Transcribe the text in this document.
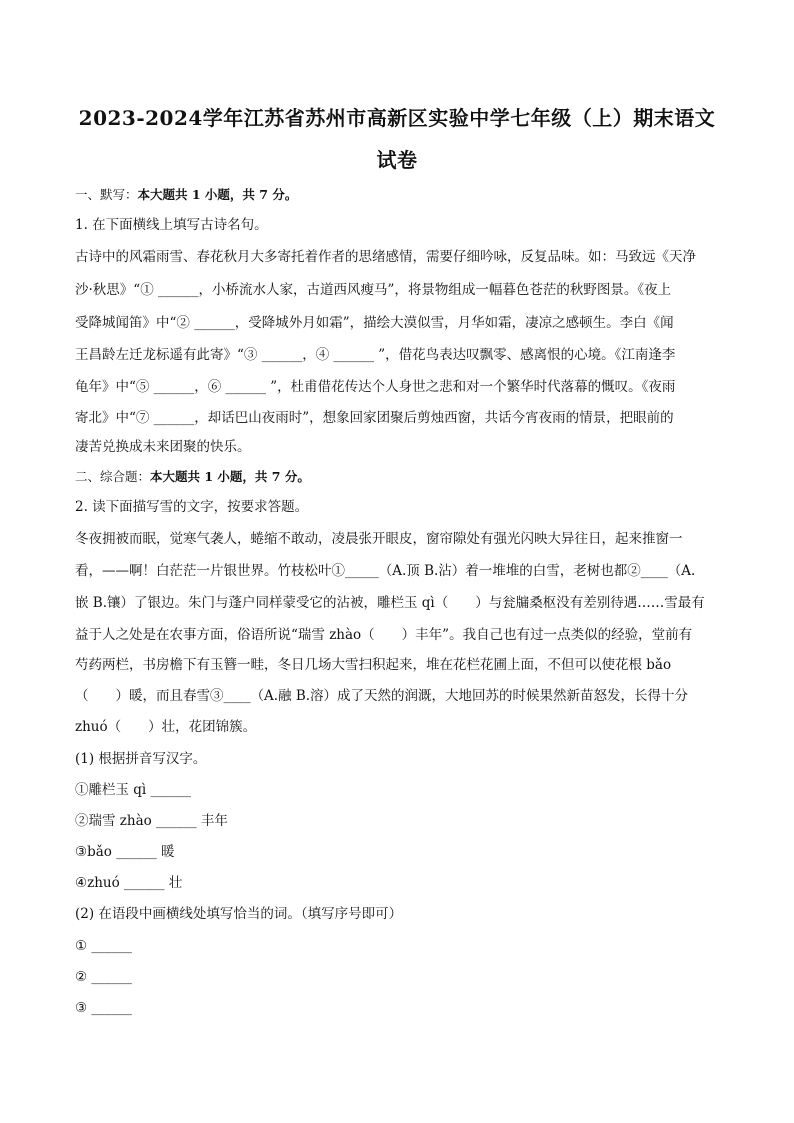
2023-2024学年江苏省苏州市高新区实验中学七年级（上）期末语文
试卷
一、默写：本大题共 1 小题，共 7 分。
1. 在下面横线上填写古诗名句。
古诗中的风霜雨雪、春花秋月大多寄托着作者的思绪感情，需要仔细吟咏，反复品味。如：马致远《天净
沙·秋思》“① ______，小桥流水人家，古道西风瘦马”，将景物组成一幅暮色苍茫的秋野图景。《夜上
受降城闻笛》中“② ______，受降城外月如霜”，描绘大漠似雪，月华如霜，凄凉之感顿生。李白《闻
王昌龄左迁龙标遥有此寄》“③ ______，④ ______ ”，借花鸟表达叹飘零、感离恨的心境。《江南逢李
龟年》中“⑤ ______，⑥ ______ ”，杜甫借花传达个人身世之悲和对一个繁华时代落幕的慨叹。《夜雨
寄北》中“⑦ ______，却话巴山夜雨时”，想象回家团聚后剪烛西窗，共话今宵夜雨的情景，把眼前的
凄苦兑换成未来团聚的快乐。
二、综合题：本大题共 1 小题，共 7 分。
2. 读下面描写雪的文字，按要求答题。
冬夜拥被而眠，觉寒气袭人，蜷缩不敢动，凌晨张开眼皮，窗帘隙处有强光闪映大异往日，起来推窗一
看，——啊！白茫茫一片银世界。竹枝松叶①_____（A.顶 B.沾）着一堆堆的白雪，老树也都②____（A.
嵌 B.镶）了银边。朱门与蓬户同样蒙受它的沾被，雕栏玉 qì（　　）与瓮牖桑枢没有差别待遇……雪最有
益于人之处是在农事方面，俗语所说“瑞雪 zhào（　　）丰年”。我自己也有过一点类似的经验，堂前有
芍药两栏，书房檐下有玉簪一畦，冬日几场大雪扫积起来，堆在花栏花圃上面，不但可以使花根 bǎo
（　　）暖，而且春雪③____（A.融 B.溶）成了天然的润溉，大地回苏的时候果然新苗怒发，长得十分
zhuó（　　）壮，花团锦簇。
(1) 根据拼音写汉字。
①雕栏玉 qì ______
②瑞雪 zhào ______ 丰年
③bǎo ______ 暖
④zhuó ______ 壮
(2) 在语段中画横线处填写恰当的词。（填写序号即可）
① ______
② ______
③ ______
